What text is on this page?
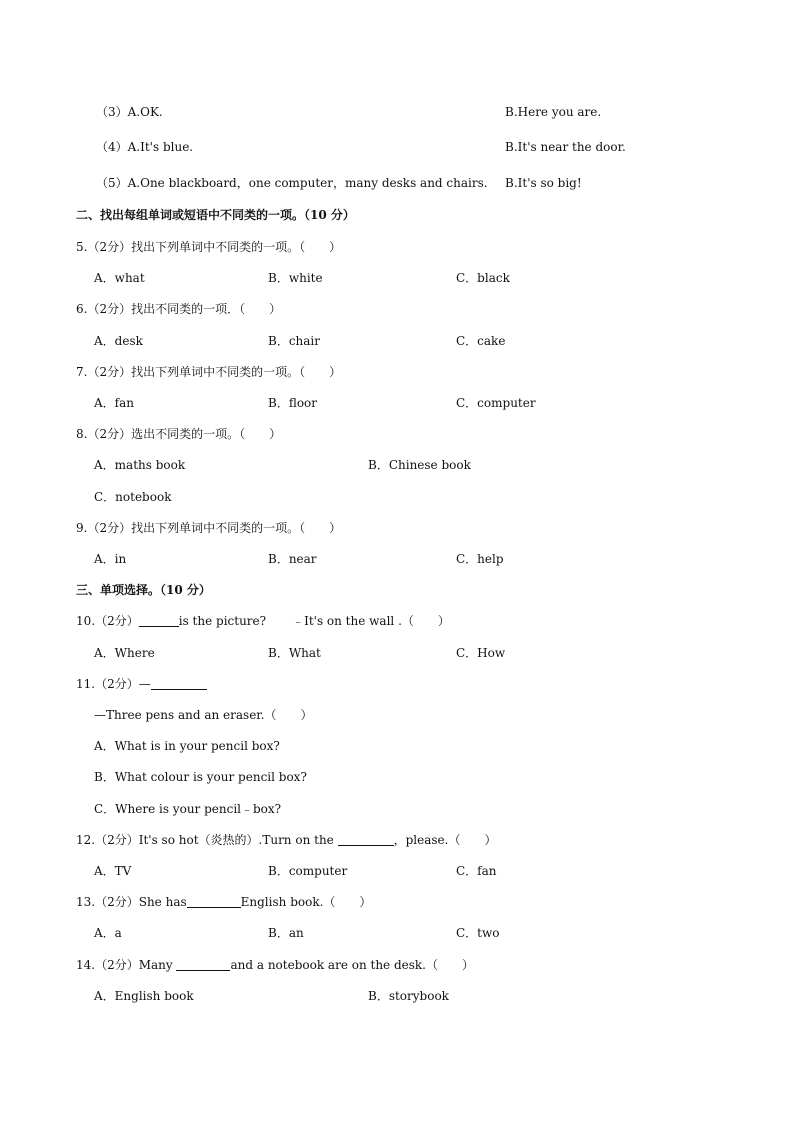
（3）A.OK.	B.Here you are.
（4）A.It's blue.	B.It's near the door.
（5）A.One blackboard，one computer，many desks and chairs. B.It's so big!
二、找出每组单词或短语中不同类的一项。（10 分）
5.（2分）找出下列单词中不同类的一项。（　　）
A．what	B．white	C．black
6.（2分）找出不同类的一项．（　　）
A．desk	B．chair	C．cake
7.（2分）找出下列单词中不同类的一项。（　　）
A．fan	B．floor	C．computer
8.（2分）选出不同类的一项。（　　）
A．maths book	B．Chinese book
C．notebook
9.（2分）找出下列单词中不同类的一项。（　　）
A．in	B．near	C．help
三、单项选择。（10 分）
10.（2分）	is the picture? ﹣It's on the wall .（　　）
A．Where	B．What	C．How
11.（2分）—
—Three pens and an eraser.（　　）
A．What is in your pencil box?
B．What colour is your pencil box?
C．Where is your pencil﹣box?
12.（2分）It's so hot（炎热的）.Turn on the	，please.（　　）
A．TV	B．computer	C．fan
13.（2分）She has	English book.（　　）
A．a	B．an	C．two
14.（2分）Many	and a notebook are on the desk.（　　）
A．English book	B．storybook
